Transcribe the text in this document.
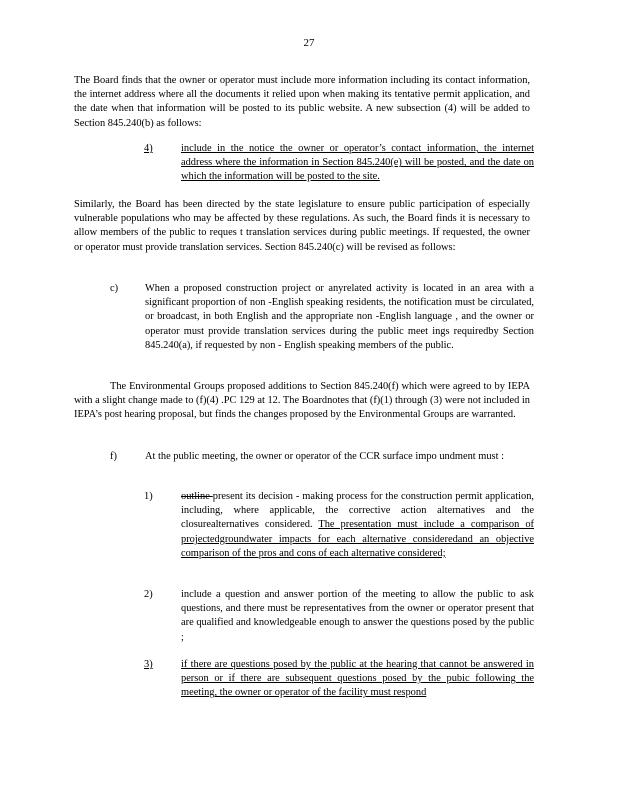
27

The Board finds that the owner or operator must include more information including its contact information, the internet address where all the documents it relied upon when making its tentative permit application, and the date when that information will be posted to its public website. A new subsection (4) will be added to Section 845.240(b) as follows:

4)	include in the notice the owner or operator’s contact information, the internet address where the information in Section 845.240(e) will be posted, and the date on which the information will be posted to the site.

Similarly, the Board has been directed by the state legislature to ensure public participation of especially vulnerable populations who may be affected by these regulations. As such, the Board finds it is necessary to allow members of the public to reques t translation services during public meetings. If requested, the owner or operator must provide translation services. Section 845.240(c) will be revised as follows:

c)	When a proposed construction project or anyrelated activity is located in an area with a significant proportion of non -English speaking residents, the notification must be circulated, or broadcast, in both English and the appropriate non -English language , and the owner or operator must provide translation services during the public meet ings requiredby Section 845.240(a), if requested by non - English speaking members of the public.

The Environmental Groups proposed additions to Section 845.240(f) which were agreed to by IEPA with a slight change made to (f)(4) .PC 129 at 12. The Boardnotes that (f)(1) through (3) were not included in IEPA’s post hearing proposal, but finds the changes proposed by the Environmental Groups are warranted.

f)	At the public meeting, the owner or operator of the CCR surface impo undment must :

1)	outline present its decision - making process for the construction permit application, including, where applicable, the corrective action alternatives and the closurealternatives considered. The presentation must include a comparison of projectedgroundwater impacts for each alternative consideredand an objective comparison of the pros and cons of each alternative considered;

2)	include a question and answer portion of the meeting to allow the public to ask questions, and there must be representatives from the owner or operator present that are qualified and knowledgeable enough to answer the questions posed by the public ;

3)	if there are questions posed by the public at the hearing that cannot be answered in person or if there are subsequent questions posed by the pubic following the meeting, the owner or operator of the facility must respond
